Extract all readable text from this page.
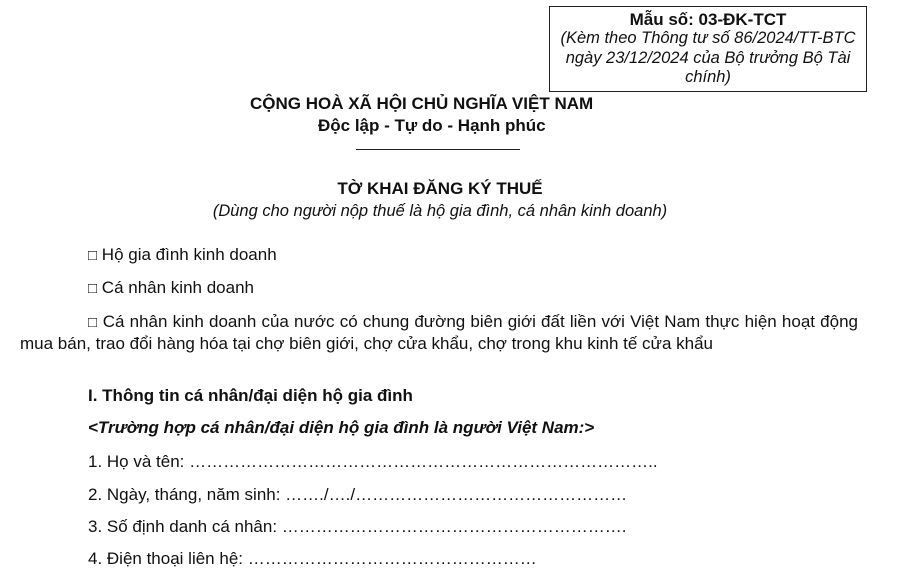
Mẫu số: 03-ĐK-TCT
(Kèm theo Thông tư số 86/2024/TT-BTC ngày 23/12/2024 của Bộ trưởng Bộ Tài chính)
CỘNG HOÀ XÃ HỘI CHỦ NGHĨA VIỆT NAM
Độc lập - Tự do - Hạnh phúc
TỜ KHAI ĐĂNG KÝ THUẾ
(Dùng cho người nộp thuế là hộ gia đình, cá nhân kinh doanh)
□ Hộ gia đình kinh doanh
□ Cá nhân kinh doanh
□ Cá nhân kinh doanh của nước có chung đường biên giới đất liền với Việt Nam thực hiện hoạt động mua bán, trao đổi hàng hóa tại chợ biên giới, chợ cửa khẩu, chợ trong khu kinh tế cửa khẩu
I. Thông tin cá nhân/đại diện hộ gia đình
<Trường hợp cá nhân/đại diện hộ gia đình là người Việt Nam:>
1. Họ và tên: ………………………………………………………………………..
2. Ngày, tháng, năm sinh: ……./…./…………………………………………
3. Số định danh cá nhân: …………………………………………………….
4. Điện thoại liên hệ: ……………………………………………
